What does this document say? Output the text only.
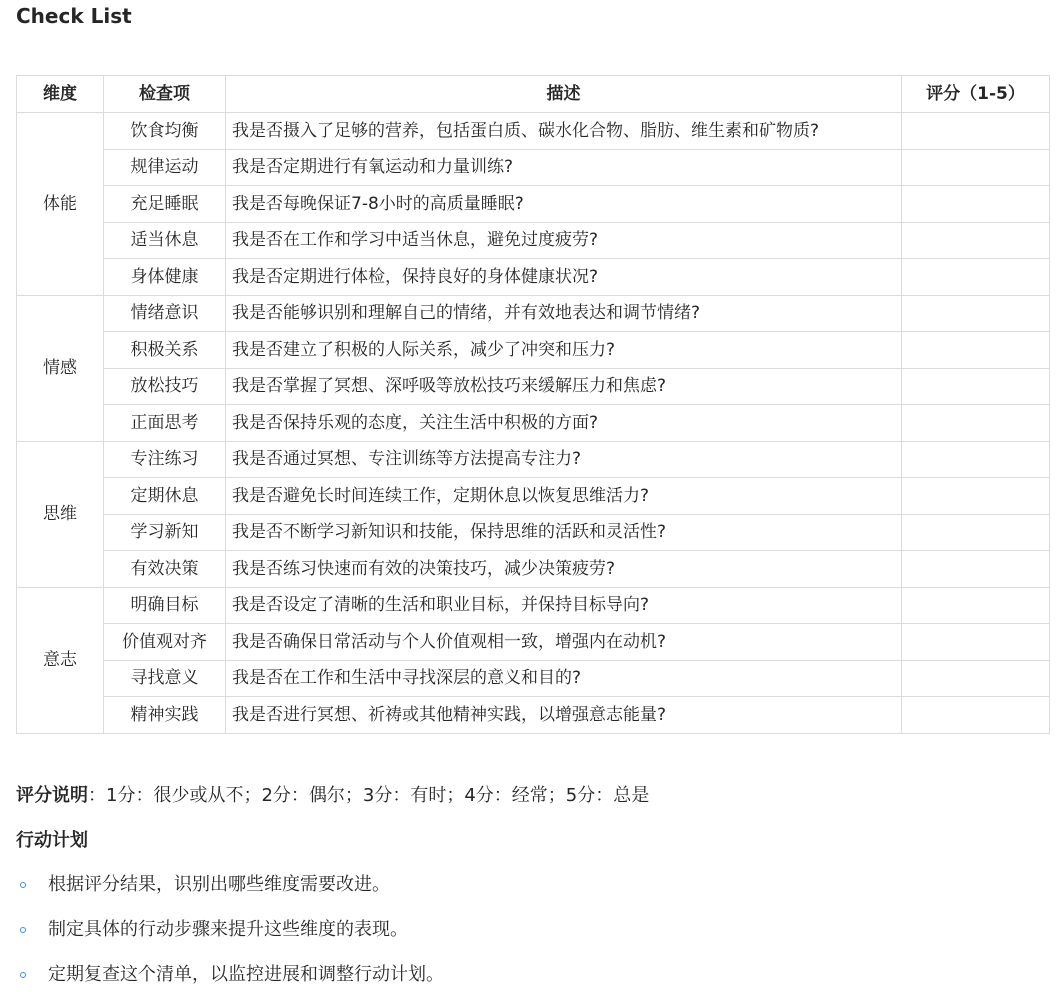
Check List
维度	检查项	描述	评分（1-5）
体能	饮食均衡	我是否摄入了足够的营养，包括蛋白质、碳水化合物、脂肪、维生素和矿物质?	
	规律运动	我是否定期进行有氧运动和力量训练?	
	充足睡眠	我是否每晚保证7-8小时的高质量睡眠?	
	适当休息	我是否在工作和学习中适当休息，避免过度疲劳?	
	身体健康	我是否定期进行体检，保持良好的身体健康状况?	
情感	情绪意识	我是否能够识别和理解自己的情绪，并有效地表达和调节情绪?	
	积极关系	我是否建立了积极的人际关系，减少了冲突和压力?	
	放松技巧	我是否掌握了冥想、深呼吸等放松技巧来缓解压力和焦虑?	
	正面思考	我是否保持乐观的态度，关注生活中积极的方面?	
思维	专注练习	我是否通过冥想、专注训练等方法提高专注力?	
	定期休息	我是否避免长时间连续工作，定期休息以恢复思维活力?	
	学习新知	我是否不断学习新知识和技能，保持思维的活跃和灵活性?	
	有效决策	我是否练习快速而有效的决策技巧，减少决策疲劳?	
意志	明确目标	我是否设定了清晰的生活和职业目标，并保持目标导向?	
	价值观对齐	我是否确保日常活动与个人价值观相一致，增强内在动机?	
	寻找意义	我是否在工作和生活中寻找深层的意义和目的?	
	精神实践	我是否进行冥想、祈祷或其他精神实践，以增强意志能量?	
评分说明：1分：很少或从不；2分：偶尔；3分：有时；4分：经常；5分：总是
行动计划
根据评分结果，识别出哪些维度需要改进。
制定具体的行动步骤来提升这些维度的表现。
定期复查这个清单，以监控进展和调整行动计划。
